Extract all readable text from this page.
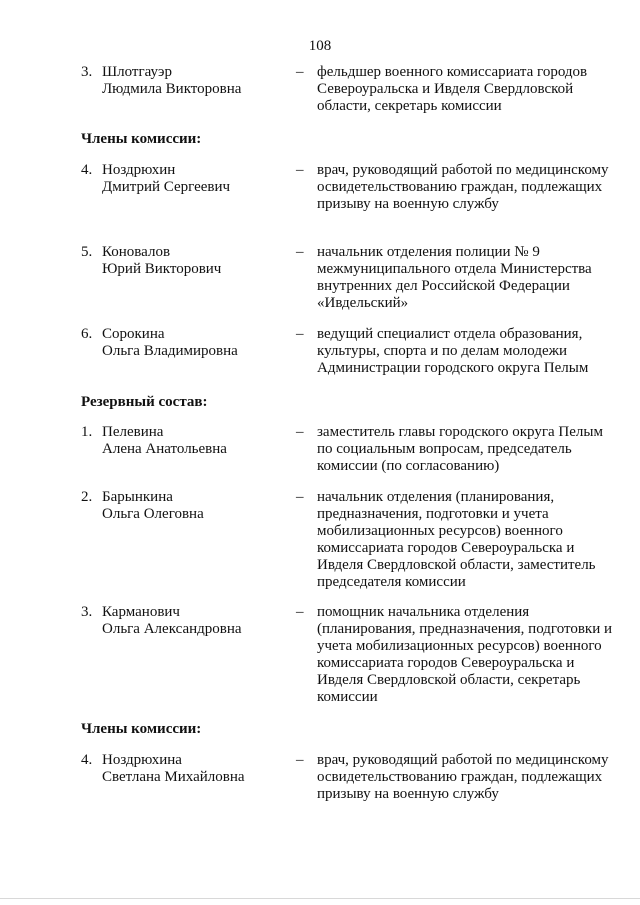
108
3. Шлотгауэр
Людмила Викторовна
– фельдшер военного комиссариата городов Североуральска и Ивделя Свердловской области, секретарь комиссии
Члены комиссии:
4. Ноздрюхин
Дмитрий Сергеевич
– врач, руководящий работой по медицинскому освидетельствованию граждан, подлежащих призыву на военную службу
5. Коновалов
Юрий Викторович
– начальник отделения полиции № 9 межмуниципального отдела Министерства внутренних дел Российской Федерации «Ивдельский»
6. Сорокина
Ольга Владимировна
– ведущий специалист отдела образования, культуры, спорта и по делам молодежи Администрации городского округа Пелым
Резервный состав:
1. Пелевина
Алена Анатольевна
– заместитель главы городского округа Пелым по социальным вопросам, председатель комиссии (по согласованию)
2. Барынкина
Ольга Олеговна
– начальник отделения (планирования, предназначения, подготовки и учета мобилизационных ресурсов) военного комиссариата городов Североуральска и Ивделя Свердловской области, заместитель председателя комиссии
3. Карманович
Ольга Александровна
– помощник начальника отделения (планирования, предназначения, подготовки и учета мобилизационных ресурсов) военного комиссариата городов Североуральска и Ивделя Свердловской области, секретарь комиссии
Члены комиссии:
4. Ноздрюхина
Светлана Михайловна
– врач, руководящий работой по медицинскому освидетельствованию граждан, подлежащих призыву на военную службу
